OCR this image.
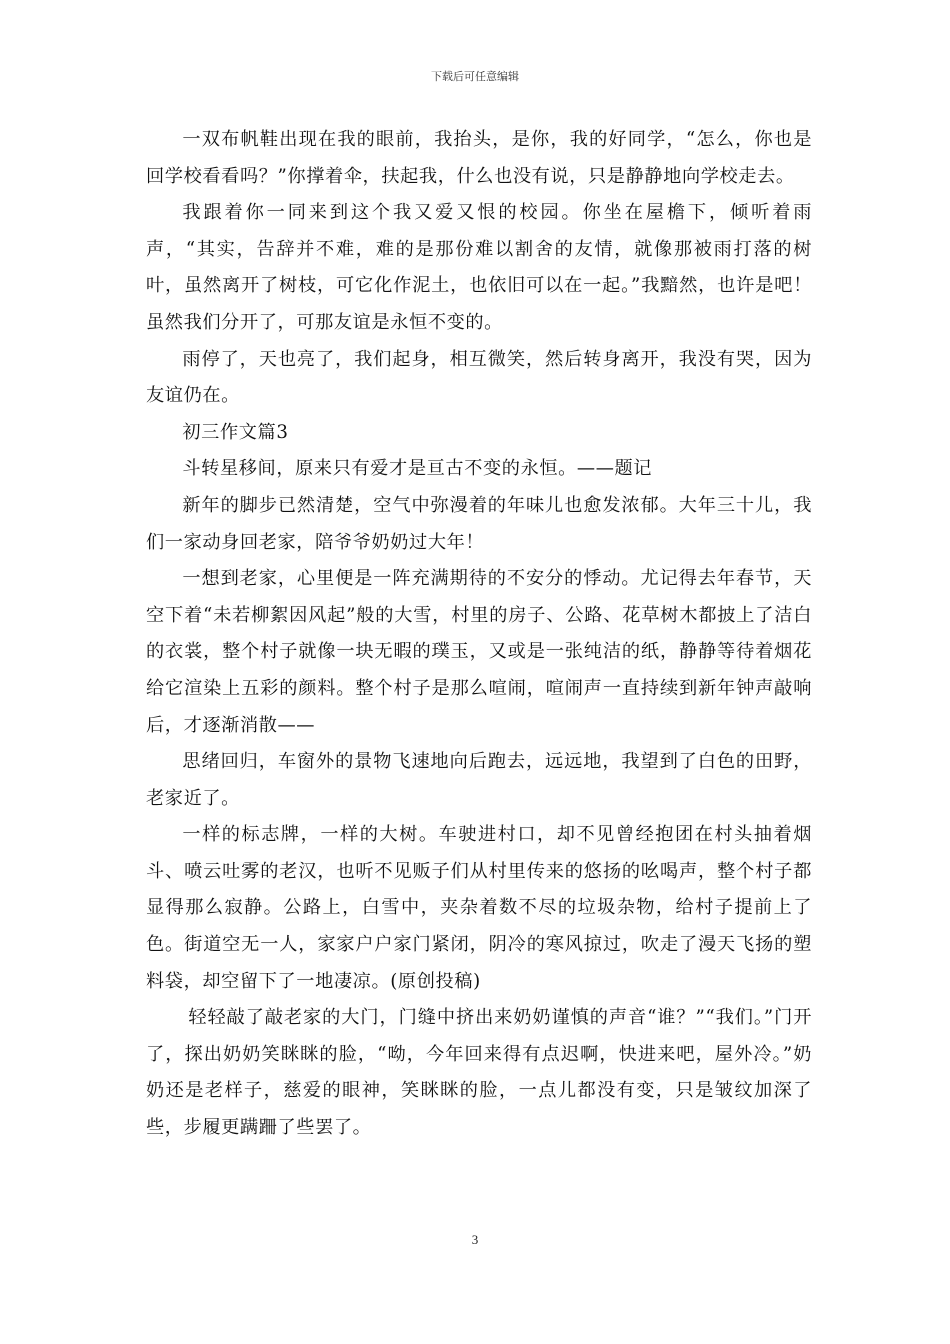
下载后可任意编辑

一双布帆鞋出现在我的眼前，我抬头，是你，我的好同学，“怎么，你也是回学校看看吗？”你撑着伞，扶起我，什么也没有说，只是静静地向学校走去。

我跟着你一同来到这个我又爱又恨的校园。你坐在屋檐下，倾听着雨声，“其实，告辞并不难，难的是那份难以割舍的友情，就像那被雨打落的树叶，虽然离开了树枝，可它化作泥土，也依旧可以在一起。”我黯然，也许是吧！虽然我们分开了，可那友谊是永恒不变的。

雨停了，天也亮了，我们起身，相互微笑，然后转身离开，我没有哭，因为友谊仍在。

初三作文篇3

斗转星移间，原来只有爱才是亘古不变的永恒。——题记

新年的脚步已然清楚，空气中弥漫着的年味儿也愈发浓郁。大年三十儿，我们一家动身回老家，陪爷爷奶奶过大年！

一想到老家，心里便是一阵充满期待的不安分的悸动。尤记得去年春节，天空下着“未若柳絮因风起”般的大雪，村里的房子、公路、花草树木都披上了洁白的衣裳，整个村子就像一块无暇的璞玉，又或是一张纯洁的纸，静静等待着烟花给它渲染上五彩的颜料。整个村子是那么喧闹，喧闹声一直持续到新年钟声敲响后，才逐渐消散——

思绪回归，车窗外的景物飞速地向后跑去，远远地，我望到了白色的田野，老家近了。

一样的标志牌，一样的大树。车驶进村口，却不见曾经抱团在村头抽着烟斗、喷云吐雾的老汉，也听不见贩子们从村里传来的悠扬的吆喝声，整个村子都显得那么寂静。公路上，白雪中，夹杂着数不尽的垃圾杂物，给村子提前上了色。街道空无一人，家家户户家门紧闭，阴冷的寒风掠过，吹走了漫天飞扬的塑料袋，却空留下了一地凄凉。(原创投稿)

轻轻敲了敲老家的大门，门缝中挤出来奶奶谨慎的声音“谁？”“我们。”门开了，探出奶奶笑眯眯的脸，“呦，今年回来得有点迟啊，快进来吧，屋外冷。”奶奶还是老样子，慈爱的眼神，笑眯眯的脸，一点儿都没有变，只是皱纹加深了些，步履更蹒跚了些罢了。

3
